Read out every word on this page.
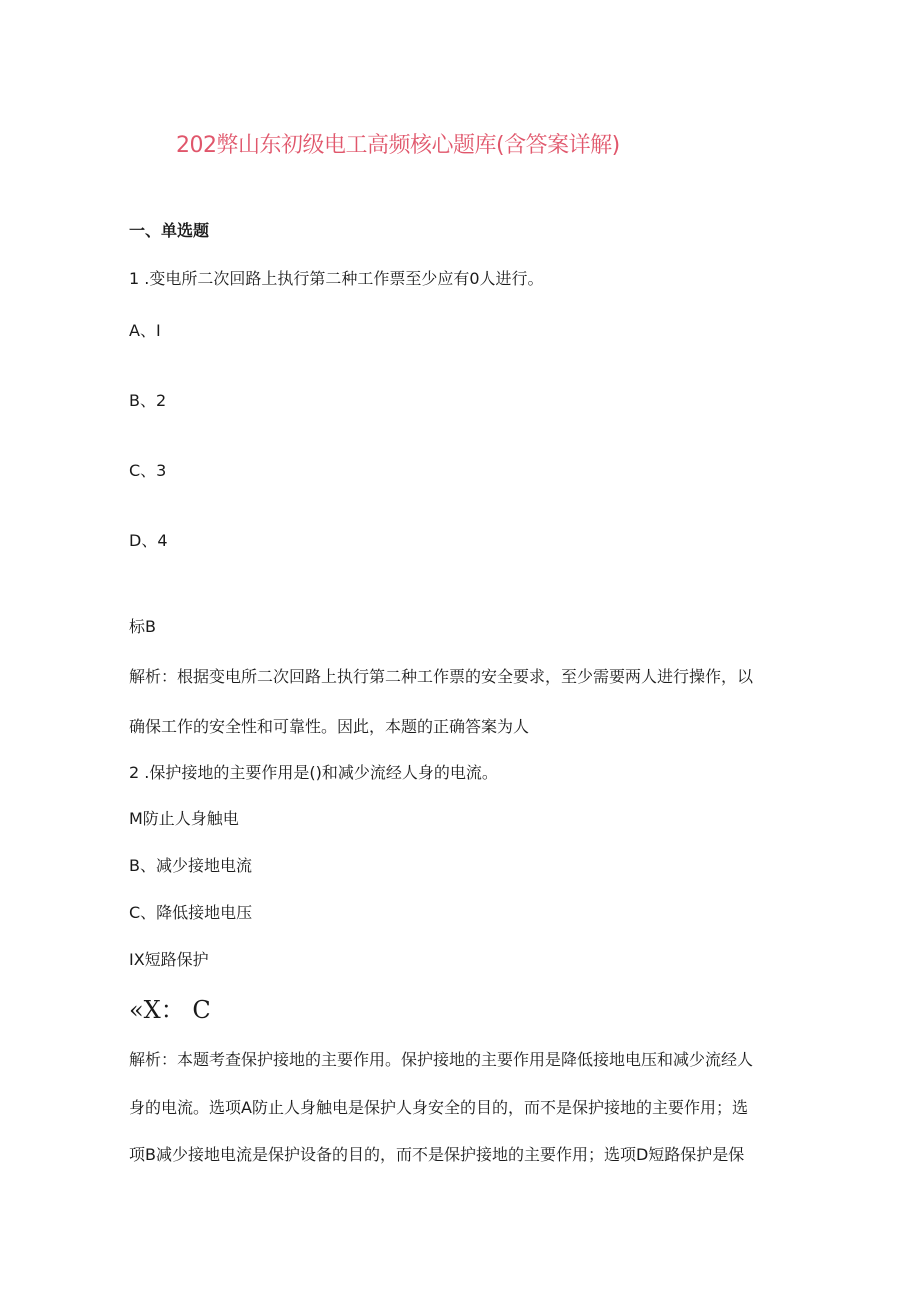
202弊山东初级电工高频核心题库(含答案详解)
一、单选题
1 .变电所二次回路上执行第二种工作票至少应有0人进行。
A、I
B、2
C、3
D、4
标B
解析：根据变电所二次回路上执行第二种工作票的安全要求，至少需要两人进行操作，以
确保工作的安全性和可靠性。因此，本题的正确答案为人
2 .保护接地的主要作用是()和减少流经人身的电流。
M防止人身触电
B、减少接地电流
C、降低接地电压
IX短路保护
«X： C
解析：本题考查保护接地的主要作用。保护接地的主要作用是降低接地电压和减少流经人
身的电流。选项A防止人身触电是保护人身安全的目的，而不是保护接地的主要作用；选
项B减少接地电流是保护设备的目的，而不是保护接地的主要作用；选项D短路保护是保
